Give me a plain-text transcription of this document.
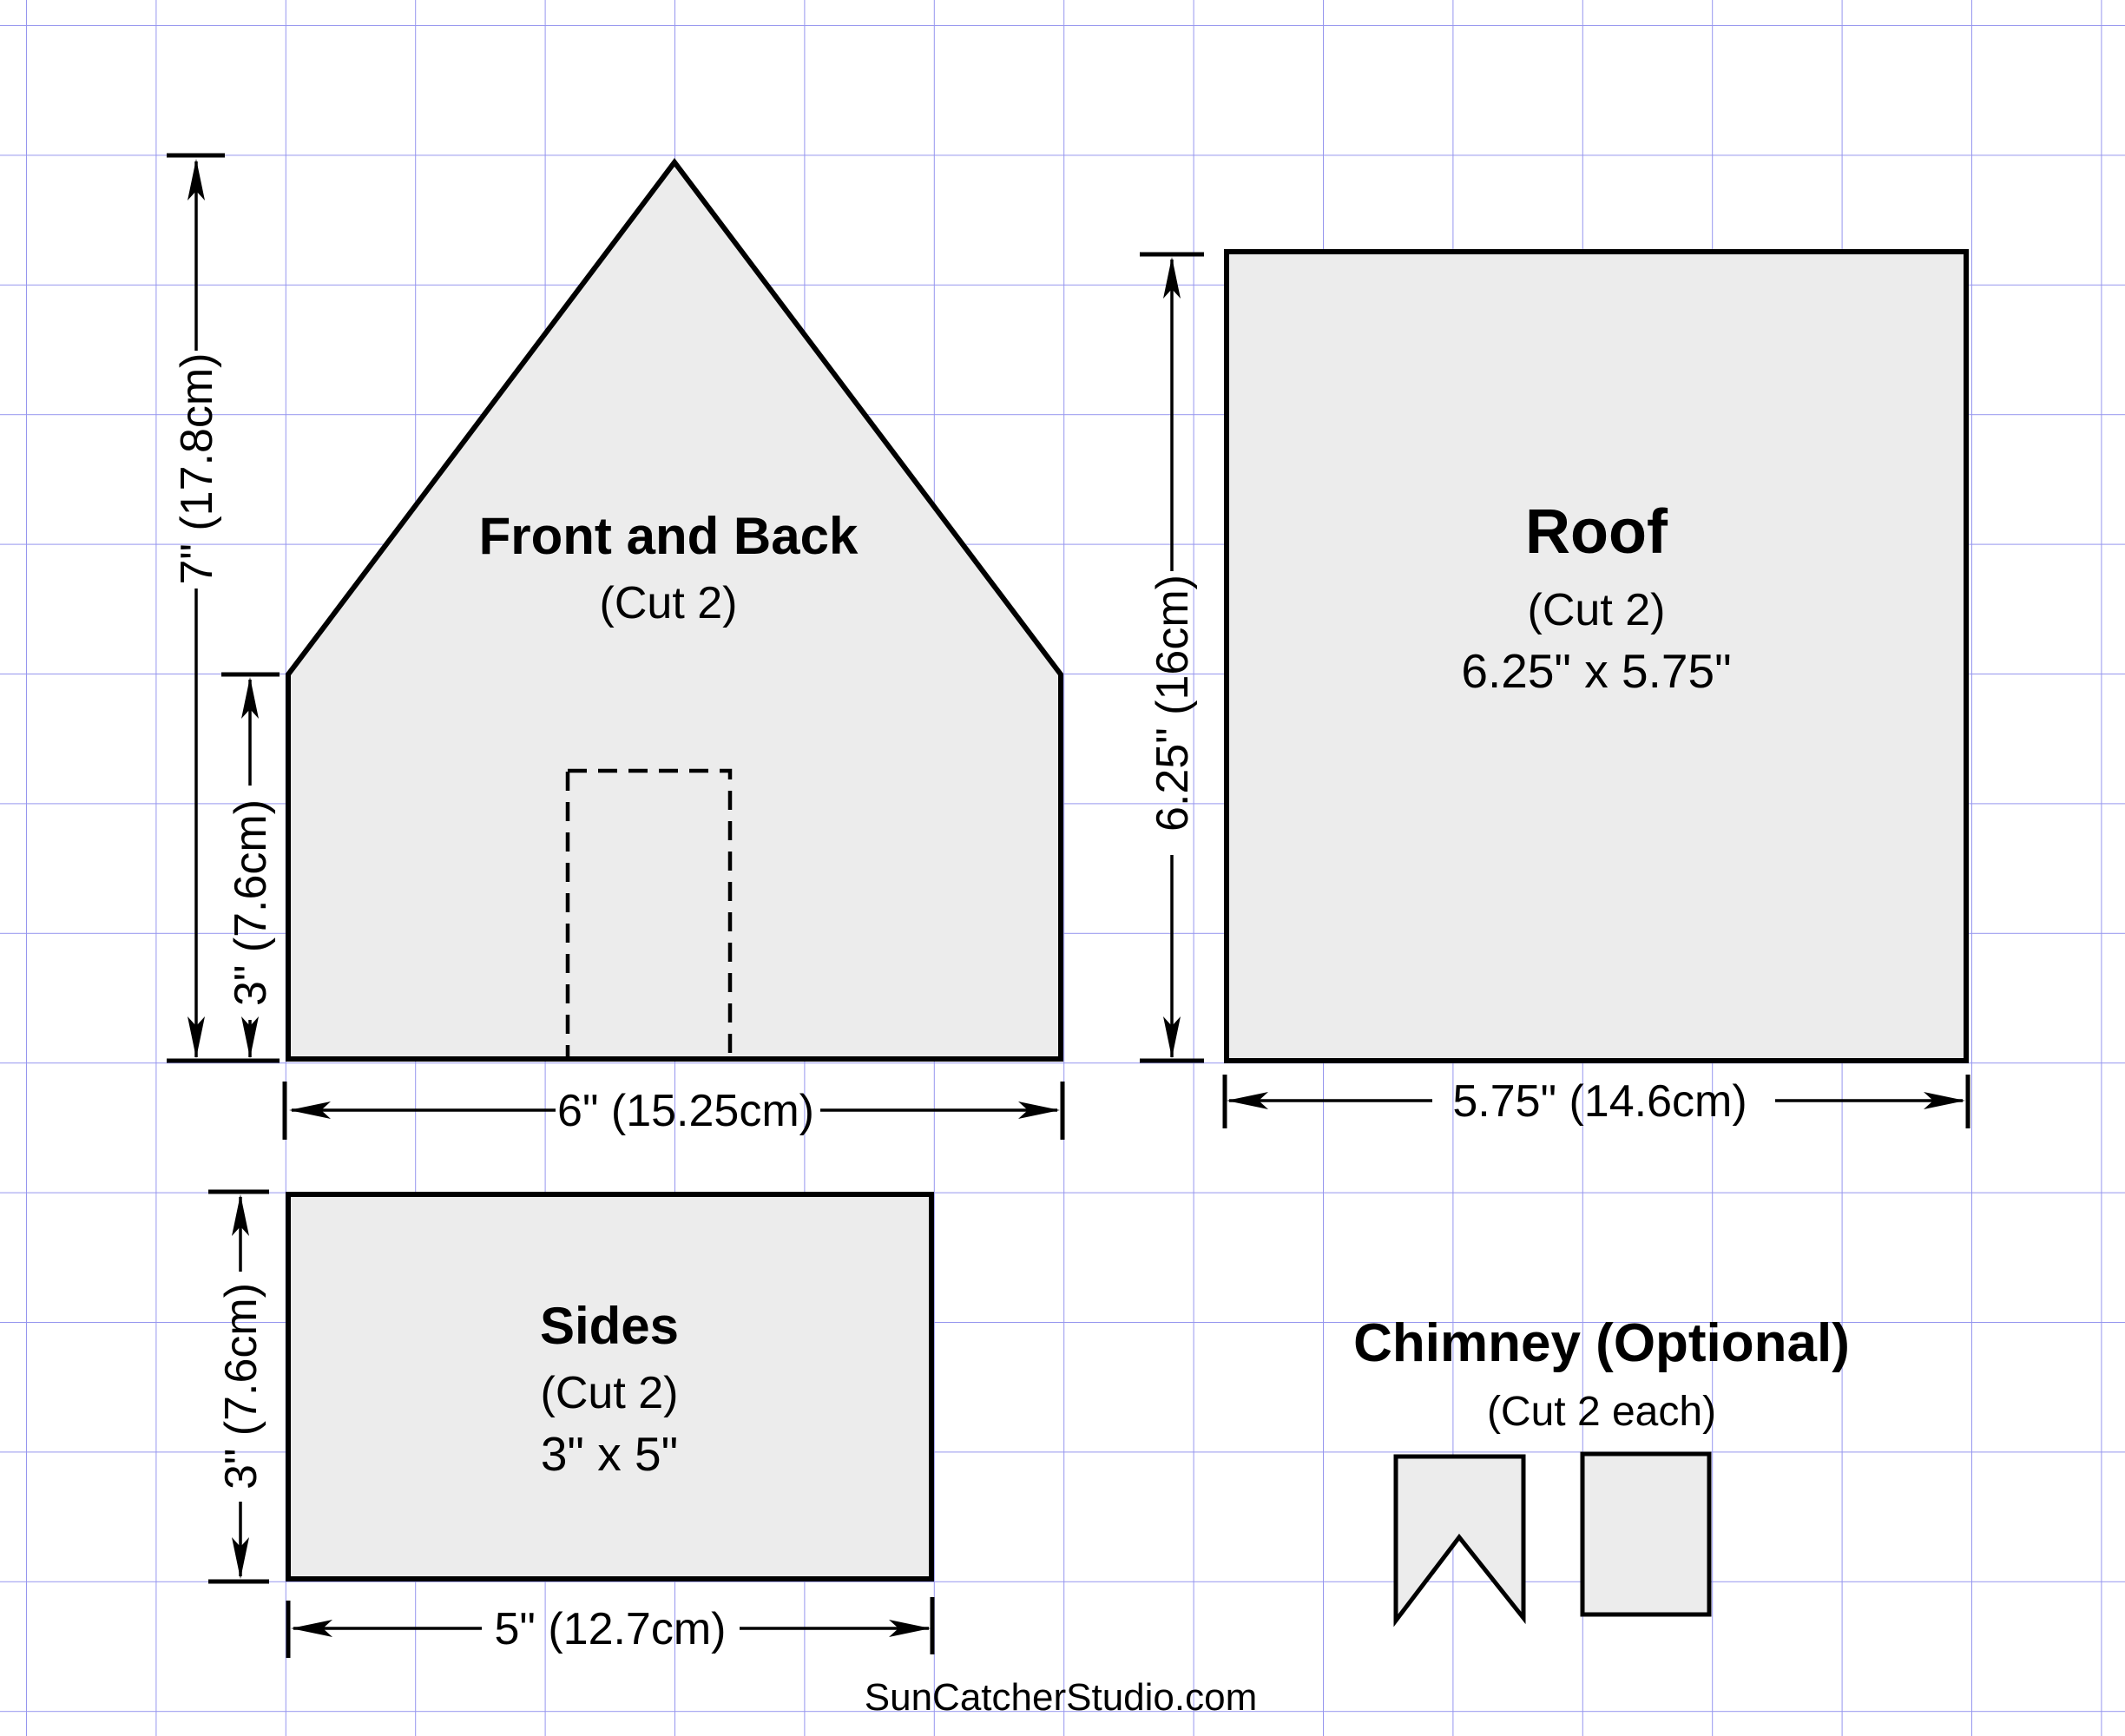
Front and Back
(Cut 2)
7" (17.8cm)
3" (7.6cm)
6" (15.25cm)
Roof
(Cut 2)
6.25" x 5.75"
6.25" (16cm)
5.75" (14.6cm)
Sides
(Cut 2)
3" x 5"
3" (7.6cm)
5" (12.7cm)
Chimney (Optional)
(Cut 2 each)
SunCatcherStudio.com
